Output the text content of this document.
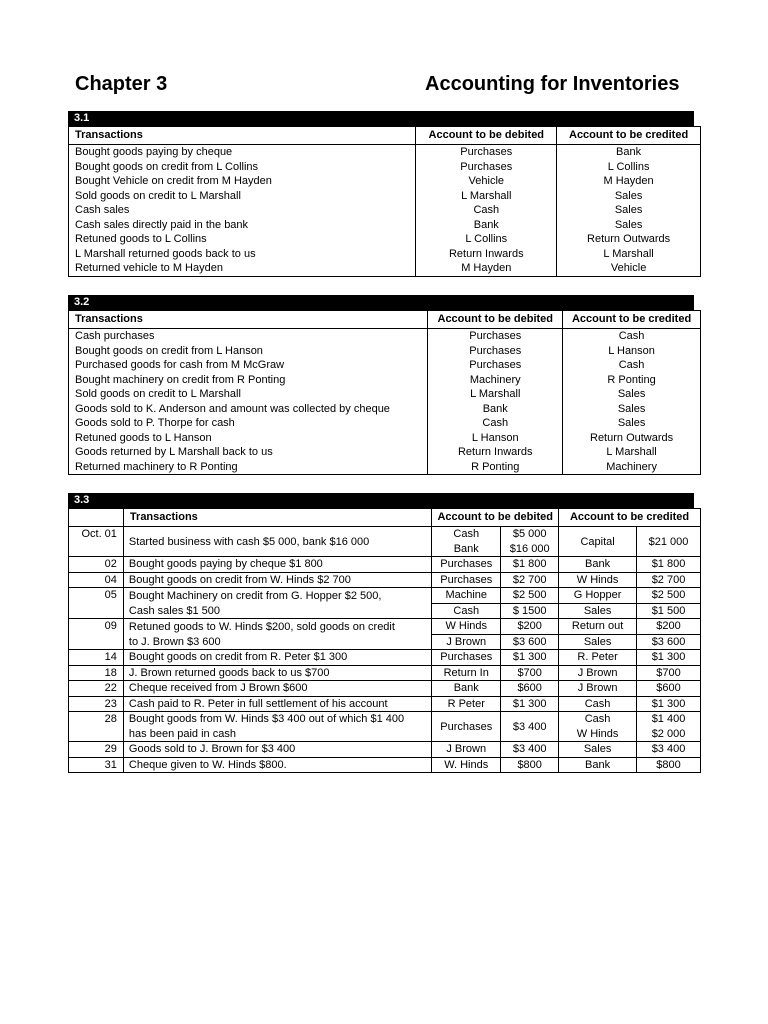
Chapter 3	Accounting for Inventories
3.1
Transactions	Account to be debited	Account to be credited
Bought goods paying by cheque	Purchases	Bank
Bought goods on credit from L Collins	Purchases	L Collins
Bought Vehicle on credit from M Hayden	Vehicle	M Hayden
Sold goods on credit to L Marshall	L Marshall	Sales
Cash sales	Cash	Sales
Cash sales directly paid in the bank	Bank	Sales
Retuned goods to L Collins	L Collins	Return Outwards
L Marshall returned goods back to us	Return Inwards	L Marshall
Returned vehicle to M Hayden	M Hayden	Vehicle
3.2
Transactions	Account to be debited	Account to be credited
Cash purchases	Purchases	Cash
Bought goods on credit from L Hanson	Purchases	L Hanson
Purchased goods for cash from M McGraw	Purchases	Cash
Bought machinery on credit from R Ponting	Machinery	R Ponting
Sold goods on credit to L Marshall	L Marshall	Sales
Goods sold to K. Anderson and amount was collected by cheque	Bank	Sales
Goods sold to P. Thorpe for cash	Cash	Sales
Retuned goods to L Hanson	L Hanson	Return Outwards
Goods returned by L Marshall back to us	Return Inwards	L Marshall
Returned machinery to R Ponting	R Ponting	Machinery
3.3
	Transactions	Account to be debited		Account to be credited	
Oct. 01	Started business with cash $5 000, bank $16 000	Cash	$5 000	Capital	$21 000
		Bank	$16 000		
02	Bought goods paying by cheque $1 800	Purchases	$1 800	Bank	$1 800
04	Bought goods on credit from W. Hinds $2 700	Purchases	$2 700	W Hinds	$2 700
05	Bought Machinery on credit from G. Hopper $2 500,	Machine	$2 500	G Hopper	$2 500
	Cash sales $1 500	Cash	$ 1500	Sales	$1 500
09	Retuned goods to W. Hinds $200, sold goods on credit	W Hinds	$200	Return out	$200
	to J. Brown $3 600	J Brown	$3 600	Sales	$3 600
14	Bought goods on credit from R. Peter $1 300	Purchases	$1 300	R. Peter	$1 300
18	J. Brown returned goods back to us $700	Return In	$700	J Brown	$700
22	Cheque received from J Brown $600	Bank	$600	J Brown	$600
23	Cash paid to R. Peter in full settlement of his account	R Peter	$1 300	Cash	$1 300
28	Bought goods from W. Hinds $3 400 out of which $1 400	Purchases	$3 400	Cash	$1 400
	has been paid in cash			W Hinds	$2 000
29	Goods sold to J. Brown for $3 400	J Brown	$3 400	Sales	$3 400
31	Cheque given to W. Hinds $800.	W. Hinds	$800	Bank	$800
